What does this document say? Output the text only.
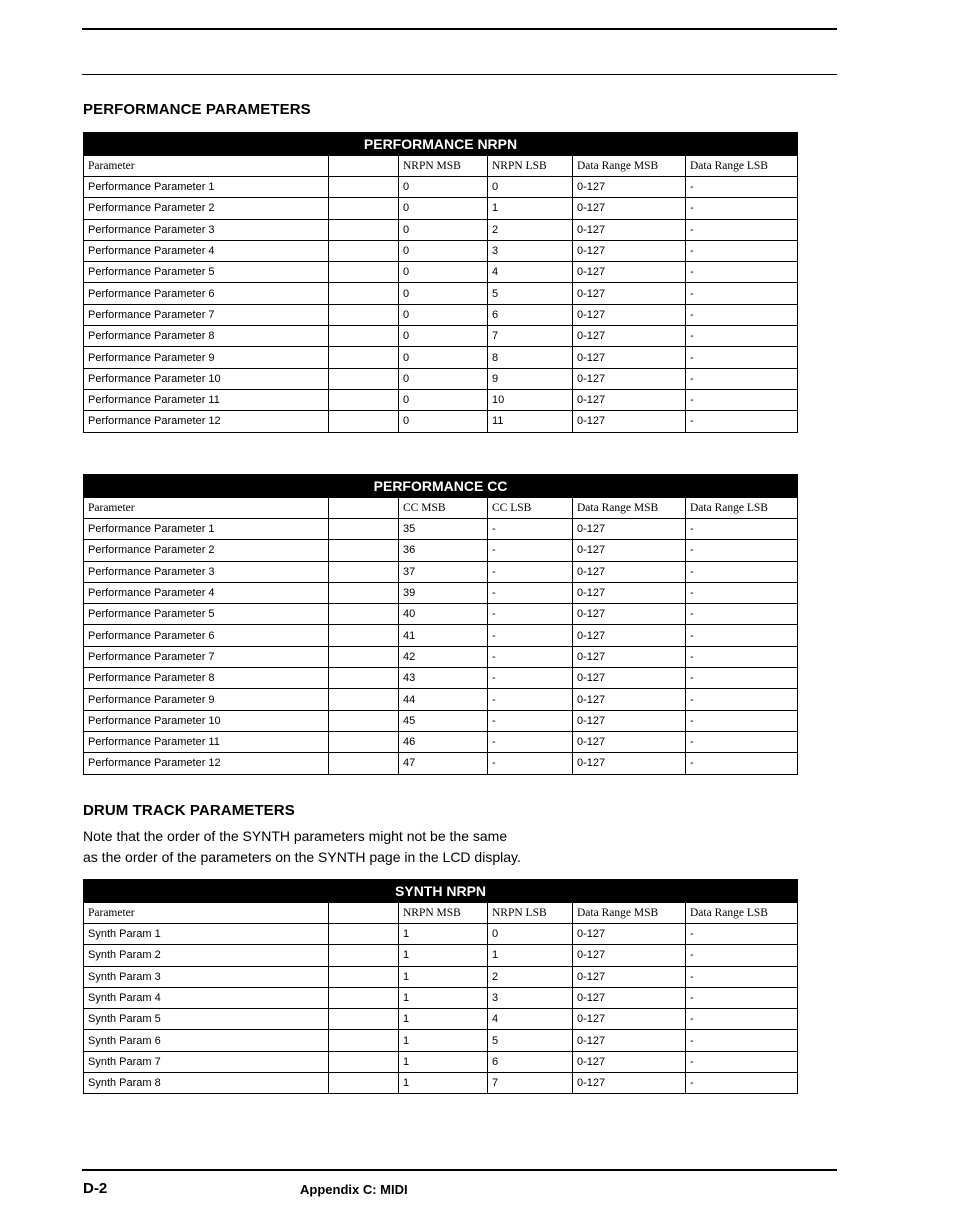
PERFORMANCE PARAMETERS
PERFORMANCE NRPN					
Parameter		NRPN MSB	NRPN LSB	Data Range MSB	Data Range LSB
Performance Parameter 1		0	0	0-127	-
Performance Parameter 2		0	1	0-127	-
Performance Parameter 3		0	2	0-127	-
Performance Parameter 4		0	3	0-127	-
Performance Parameter 5		0	4	0-127	-
Performance Parameter 6		0	5	0-127	-
Performance Parameter 7		0	6	0-127	-
Performance Parameter 8		0	7	0-127	-
Performance Parameter 9		0	8	0-127	-
Performance Parameter 10		0	9	0-127	-
Performance Parameter 11		0	10	0-127	-
Performance Parameter 12		0	11	0-127	-
PERFORMANCE CC					
Parameter		CC MSB	CC LSB	Data Range MSB	Data Range LSB
Performance Parameter 1		35	-	0-127	-
Performance Parameter 2		36	-	0-127	-
Performance Parameter 3		37	-	0-127	-
Performance Parameter 4		39	-	0-127	-
Performance Parameter 5		40	-	0-127	-
Performance Parameter 6		41	-	0-127	-
Performance Parameter 7		42	-	0-127	-
Performance Parameter 8		43	-	0-127	-
Performance Parameter 9		44	-	0-127	-
Performance Parameter 10		45	-	0-127	-
Performance Parameter 11		46	-	0-127	-
Performance Parameter 12		47	-	0-127	-
DRUM TRACK PARAMETERS

Note that the order of the SYNTH parameters might not be the same

as the order of the parameters on the SYNTH page in the LCD display.

SYNTH NRPN					
Parameter		NRPN MSB	NRPN LSB	Data Range MSB	Data Range LSB
Synth Param 1		1	0	0-127	-
Synth Param 2		1	1	0-127	-
Synth Param 3		1	2	0-127	-
Synth Param 4		1	3	0-127	-
Synth Param 5		1	4	0-127	-
Synth Param 6		1	5	0-127	-
Synth Param 7		1	6	0-127	-
Synth Param 8		1	7	0-127	-

D-2	Appendix C: MIDI
